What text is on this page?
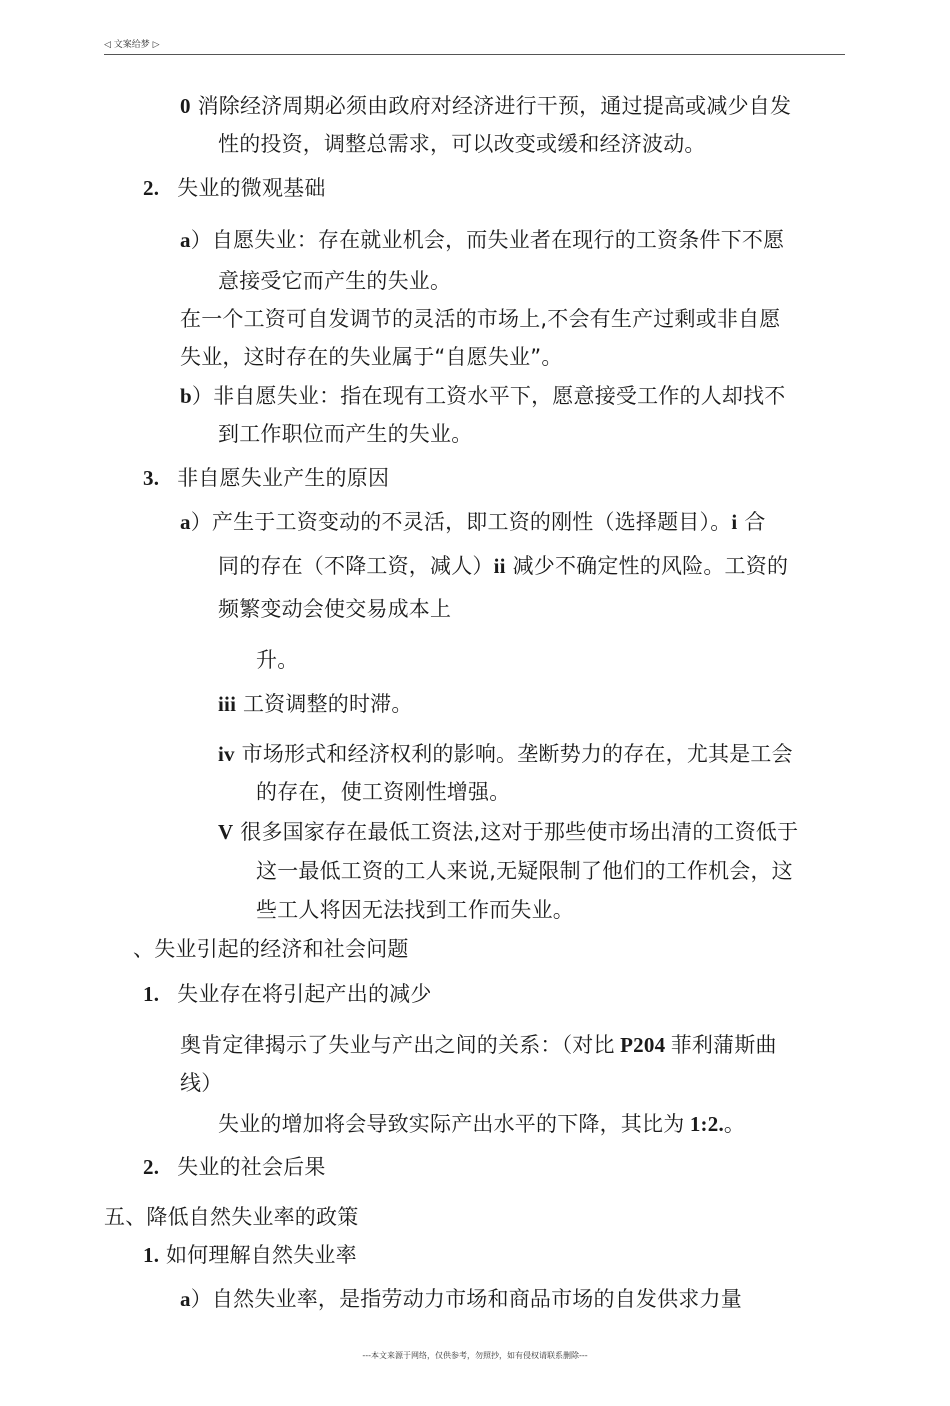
◁ 文案给梦 ▷
0 消除经济周期必须由政府对经济进行干预，通过提高或减少自发
性的投资，调整总需求，可以改变或缓和经济波动。
2. 失业的微观基础
a）自愿失业：存在就业机会，而失业者在现行的工资条件下不愿
意接受它而产生的失业。
在一个工资可自发调节的灵活的市场上,不会有生产过剩或非自愿
失业，这时存在的失业属于“自愿失业”。
b）非自愿失业：指在现有工资水平下，愿意接受工作的人却找不
到工作职位而产生的失业。
3. 非自愿失业产生的原因
a）产生于工资变动的不灵活，即工资的刚性（选择题目）。i 合
同的存在（不降工资，减人）ii 减少不确定性的风险。工资的
频繁变动会使交易成本上
升。
iii 工资调整的时滞。
iv 市场形式和经济权利的影响。垄断势力的存在，尤其是工会
的存在，使工资刚性增强。
V 很多国家存在最低工资法,这对于那些使市场出清的工资低于
这一最低工资的工人来说,无疑限制了他们的工作机会，这
些工人将因无法找到工作而失业。
、失业引起的经济和社会问题
1. 失业存在将引起产出的减少
奥肯定律揭示了失业与产出之间的关系：（对比 P204 菲利蒲斯曲
线）
失业的增加将会导致实际产出水平的下降，其比为 1:2.。
2. 失业的社会后果
五、降低自然失业率的政策
1. 如何理解自然失业率
a）自然失业率，是指劳动力市场和商品市场的自发供求力量
---本文来源于网络，仅供参考，勿照抄，如有侵权请联系删除---
